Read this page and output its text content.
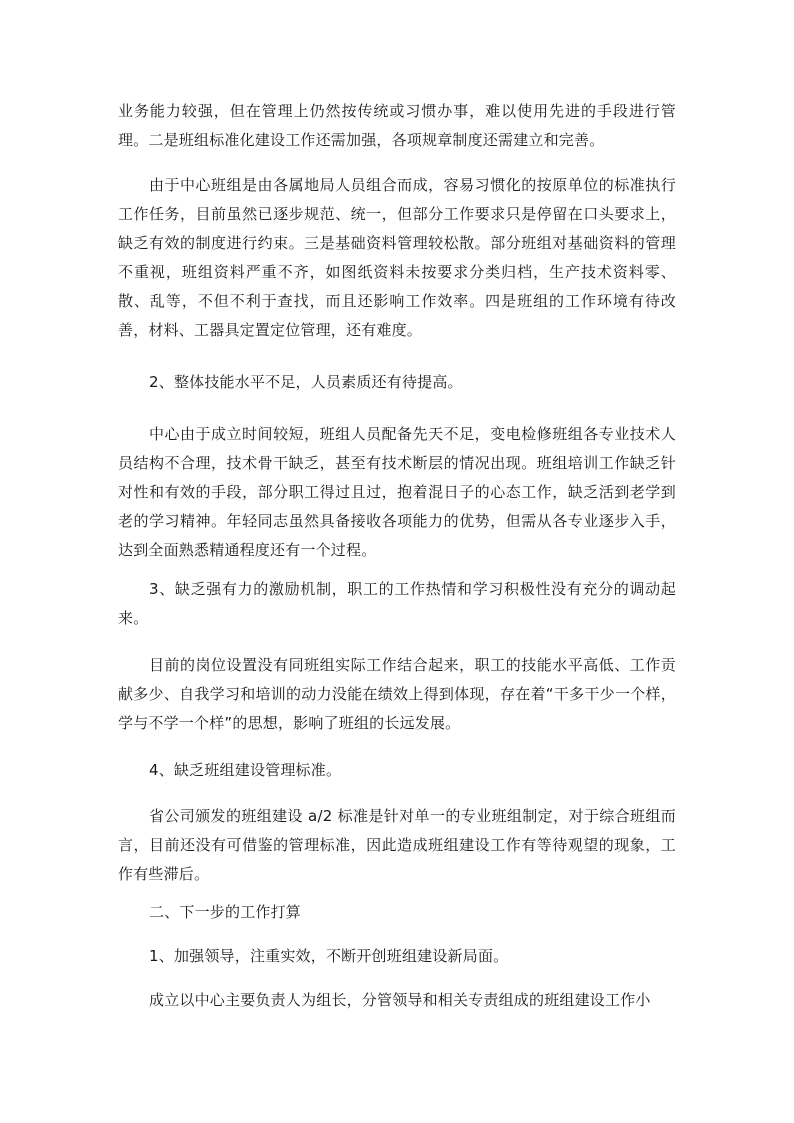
业务能力较强，但在管理上仍然按传统或习惯办事，难以使用先进的手段进行管理。二是班组标准化建设工作还需加强，各项规章制度还需建立和完善。

由于中心班组是由各属地局人员组合而成，容易习惯化的按原单位的标准执行工作任务，目前虽然已逐步规范、统一，但部分工作要求只是停留在口头要求上，缺乏有效的制度进行约束。三是基础资料管理较松散。部分班组对基础资料的管理不重视，班组资料严重不齐，如图纸资料未按要求分类归档，生产技术资料零、散、乱等，不但不利于查找，而且还影响工作效率。四是班组的工作环境有待改善，材料、工器具定置定位管理，还有难度。

2、整体技能水平不足，人员素质还有待提高。

中心由于成立时间较短，班组人员配备先天不足，变电检修班组各专业技术人员结构不合理，技术骨干缺乏，甚至有技术断层的情况出现。班组培训工作缺乏针对性和有效的手段，部分职工得过且过，抱着混日子的心态工作，缺乏活到老学到老的学习精神。年轻同志虽然具备接收各项能力的优势，但需从各专业逐步入手，达到全面熟悉精通程度还有一个过程。

3、缺乏强有力的激励机制，职工的工作热情和学习积极性没有充分的调动起来。

目前的岗位设置没有同班组实际工作结合起来，职工的技能水平高低、工作贡献多少、自我学习和培训的动力没能在绩效上得到体现，存在着“干多干少一个样，学与不学一个样”的思想，影响了班组的长远发展。

4、缺乏班组建设管理标准。

省公司颁发的班组建设 a/2 标准是针对单一的专业班组制定，对于综合班组而言，目前还没有可借鉴的管理标准，因此造成班组建设工作有等待观望的现象，工作有些滞后。

二、下一步的工作打算

1、加强领导，注重实效，不断开创班组建设新局面。

成立以中心主要负责人为组长，分管领导和相关专责组成的班组建设工作小
